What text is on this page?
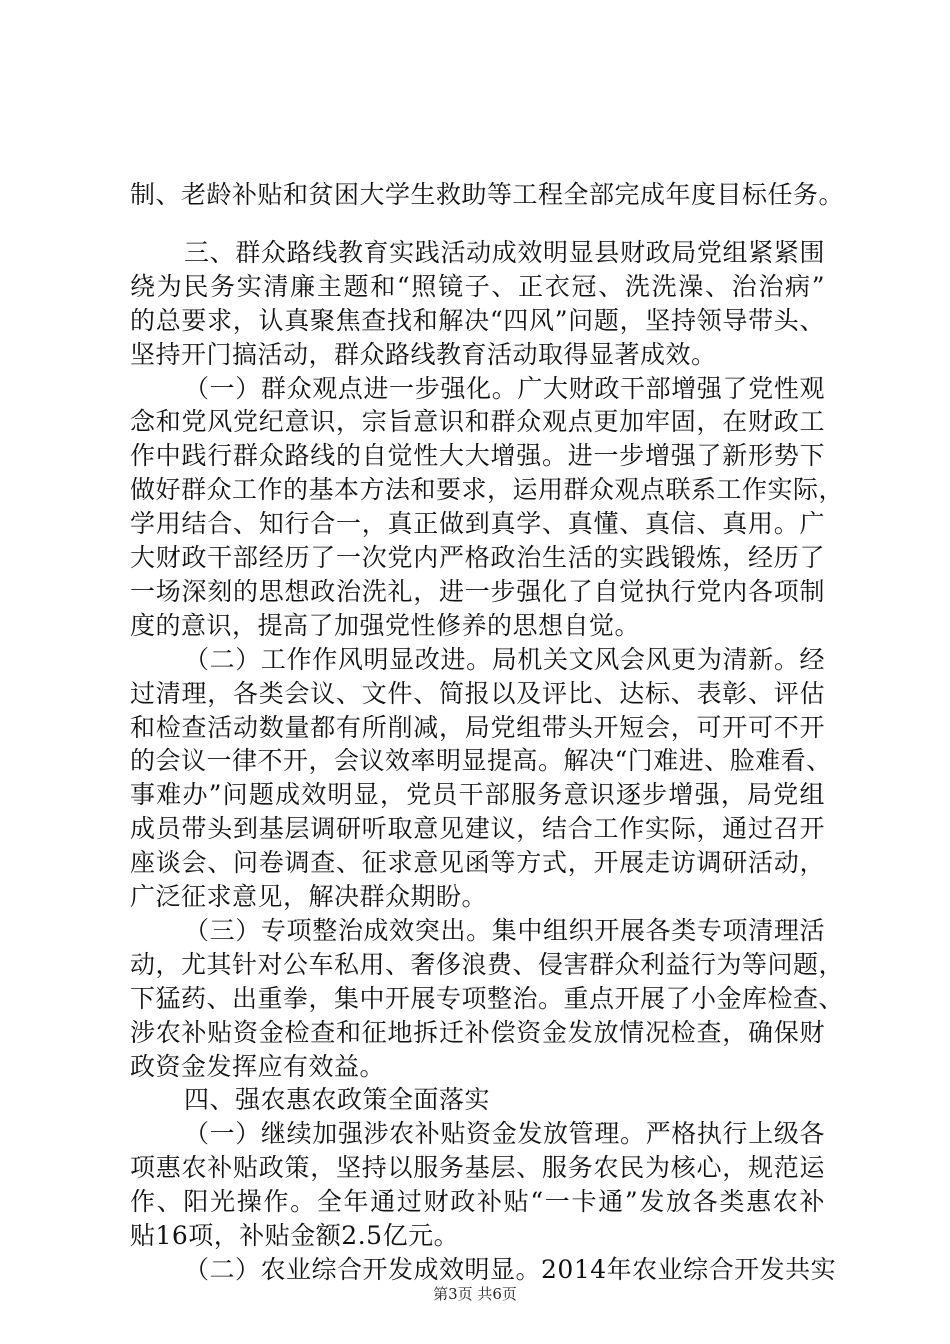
制、老龄补贴和贫困大学生救助等工程全部完成年度目标任务。
三、群众路线教育实践活动成效明显县财政局党组紧紧围
绕为民务实清廉主题和“照镜子、正衣冠、洗洗澡、治治病”
的总要求，认真聚焦查找和解决“四风”问题，坚持领导带头、
坚持开门搞活动，群众路线教育活动取得显著成效。
（一）群众观点进一步强化。广大财政干部增强了党性观
念和党风党纪意识，宗旨意识和群众观点更加牢固，在财政工
作中践行群众路线的自觉性大大增强。进一步增强了新形势下
做好群众工作的基本方法和要求，运用群众观点联系工作实际，
学用结合、知行合一，真正做到真学、真懂、真信、真用。广
大财政干部经历了一次党内严格政治生活的实践锻炼，经历了
一场深刻的思想政治洗礼，进一步强化了自觉执行党内各项制
度的意识，提高了加强党性修养的思想自觉。
（二）工作作风明显改进。局机关文风会风更为清新。经
过清理，各类会议、文件、简报以及评比、达标、表彰、评估
和检查活动数量都有所削减，局党组带头开短会，可开可不开
的会议一律不开，会议效率明显提高。解决“门难进、脸难看、
事难办”问题成效明显，党员干部服务意识逐步增强，局党组
成员带头到基层调研听取意见建议，结合工作实际，通过召开
座谈会、问卷调查、征求意见函等方式，开展走访调研活动，
广泛征求意见，解决群众期盼。
（三）专项整治成效突出。集中组织开展各类专项清理活
动，尤其针对公车私用、奢侈浪费、侵害群众利益行为等问题，
下猛药、出重拳，集中开展专项整治。重点开展了小金库检查、
涉农补贴资金检查和征地拆迁补偿资金发放情况检查，确保财
政资金发挥应有效益。
四、强农惠农政策全面落实
（一）继续加强涉农补贴资金发放管理。严格执行上级各
项惠农补贴政策，坚持以服务基层、服务农民为核心，规范运
作、阳光操作。全年通过财政补贴“一卡通”发放各类惠农补
贴16项，补贴金额2.5亿元。
（二）农业综合开发成效明显。2014年农业综合开发共实
第3页 共6页
